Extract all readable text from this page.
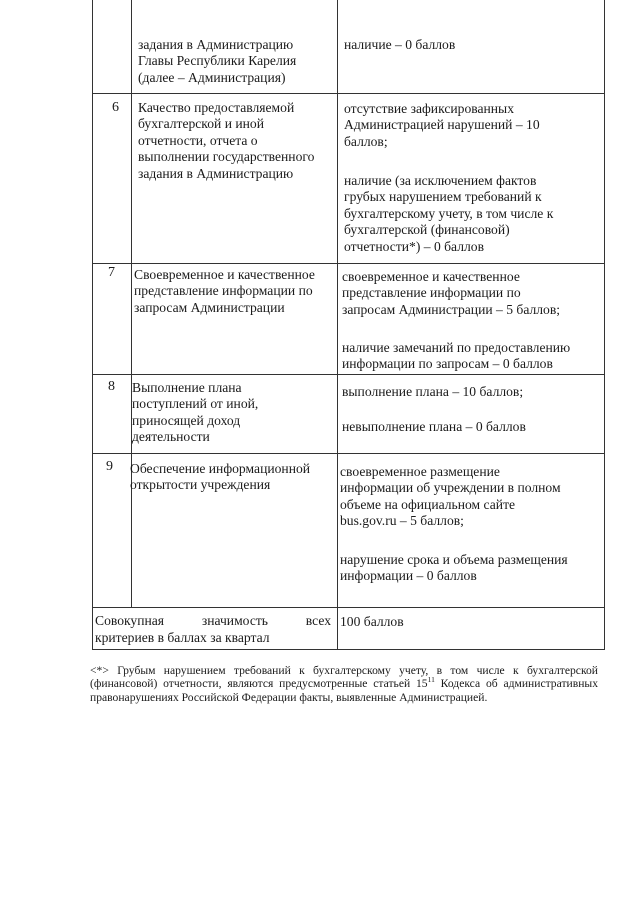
задания в Администрацию
Главы Республики Карелия
(далее – Администрация)
наличие – 0 баллов
6 Качество предоставляемой
бухгалтерской и иной
отчетности, отчета о
выполнении государственного
задания в Администрацию
отсутствие зафиксированных
Администрацией нарушений – 10
баллов;
наличие (за исключением фактов
грубых нарушением требований к
бухгалтерскому учету, в том числе к
бухгалтерской (финансовой)
отчетности*) – 0 баллов
7 Своевременное и качественное
представление информации по
запросам Администрации
своевременное и качественное
представление информации по
запросам Администрации – 5 баллов;
наличие замечаний по предоставлению
информации по запросам – 0 баллов
8 Выполнение плана
поступлений от иной,
приносящей доход
деятельности
выполнение плана – 10 баллов;
невыполнение плана – 0 баллов
9 Обеспечение информационной
открытости учреждения
своевременное размещение
информации об учреждении в полном
объеме на официальном сайте
bus.gov.ru – 5 баллов;
нарушение срока и объема размещения
информации – 0 баллов
Совокупная значимость всех
критериев в баллах за квартал
100 баллов
<*> Грубым нарушением требований к бухгалтерскому учету, в том числе к бухгалтерской (финансовой) отчетности, являются предусмотренные статьей $15^{11}$ Кодекса об административных правонарушениях Российской Федерации факты, выявленные Администрацией.
